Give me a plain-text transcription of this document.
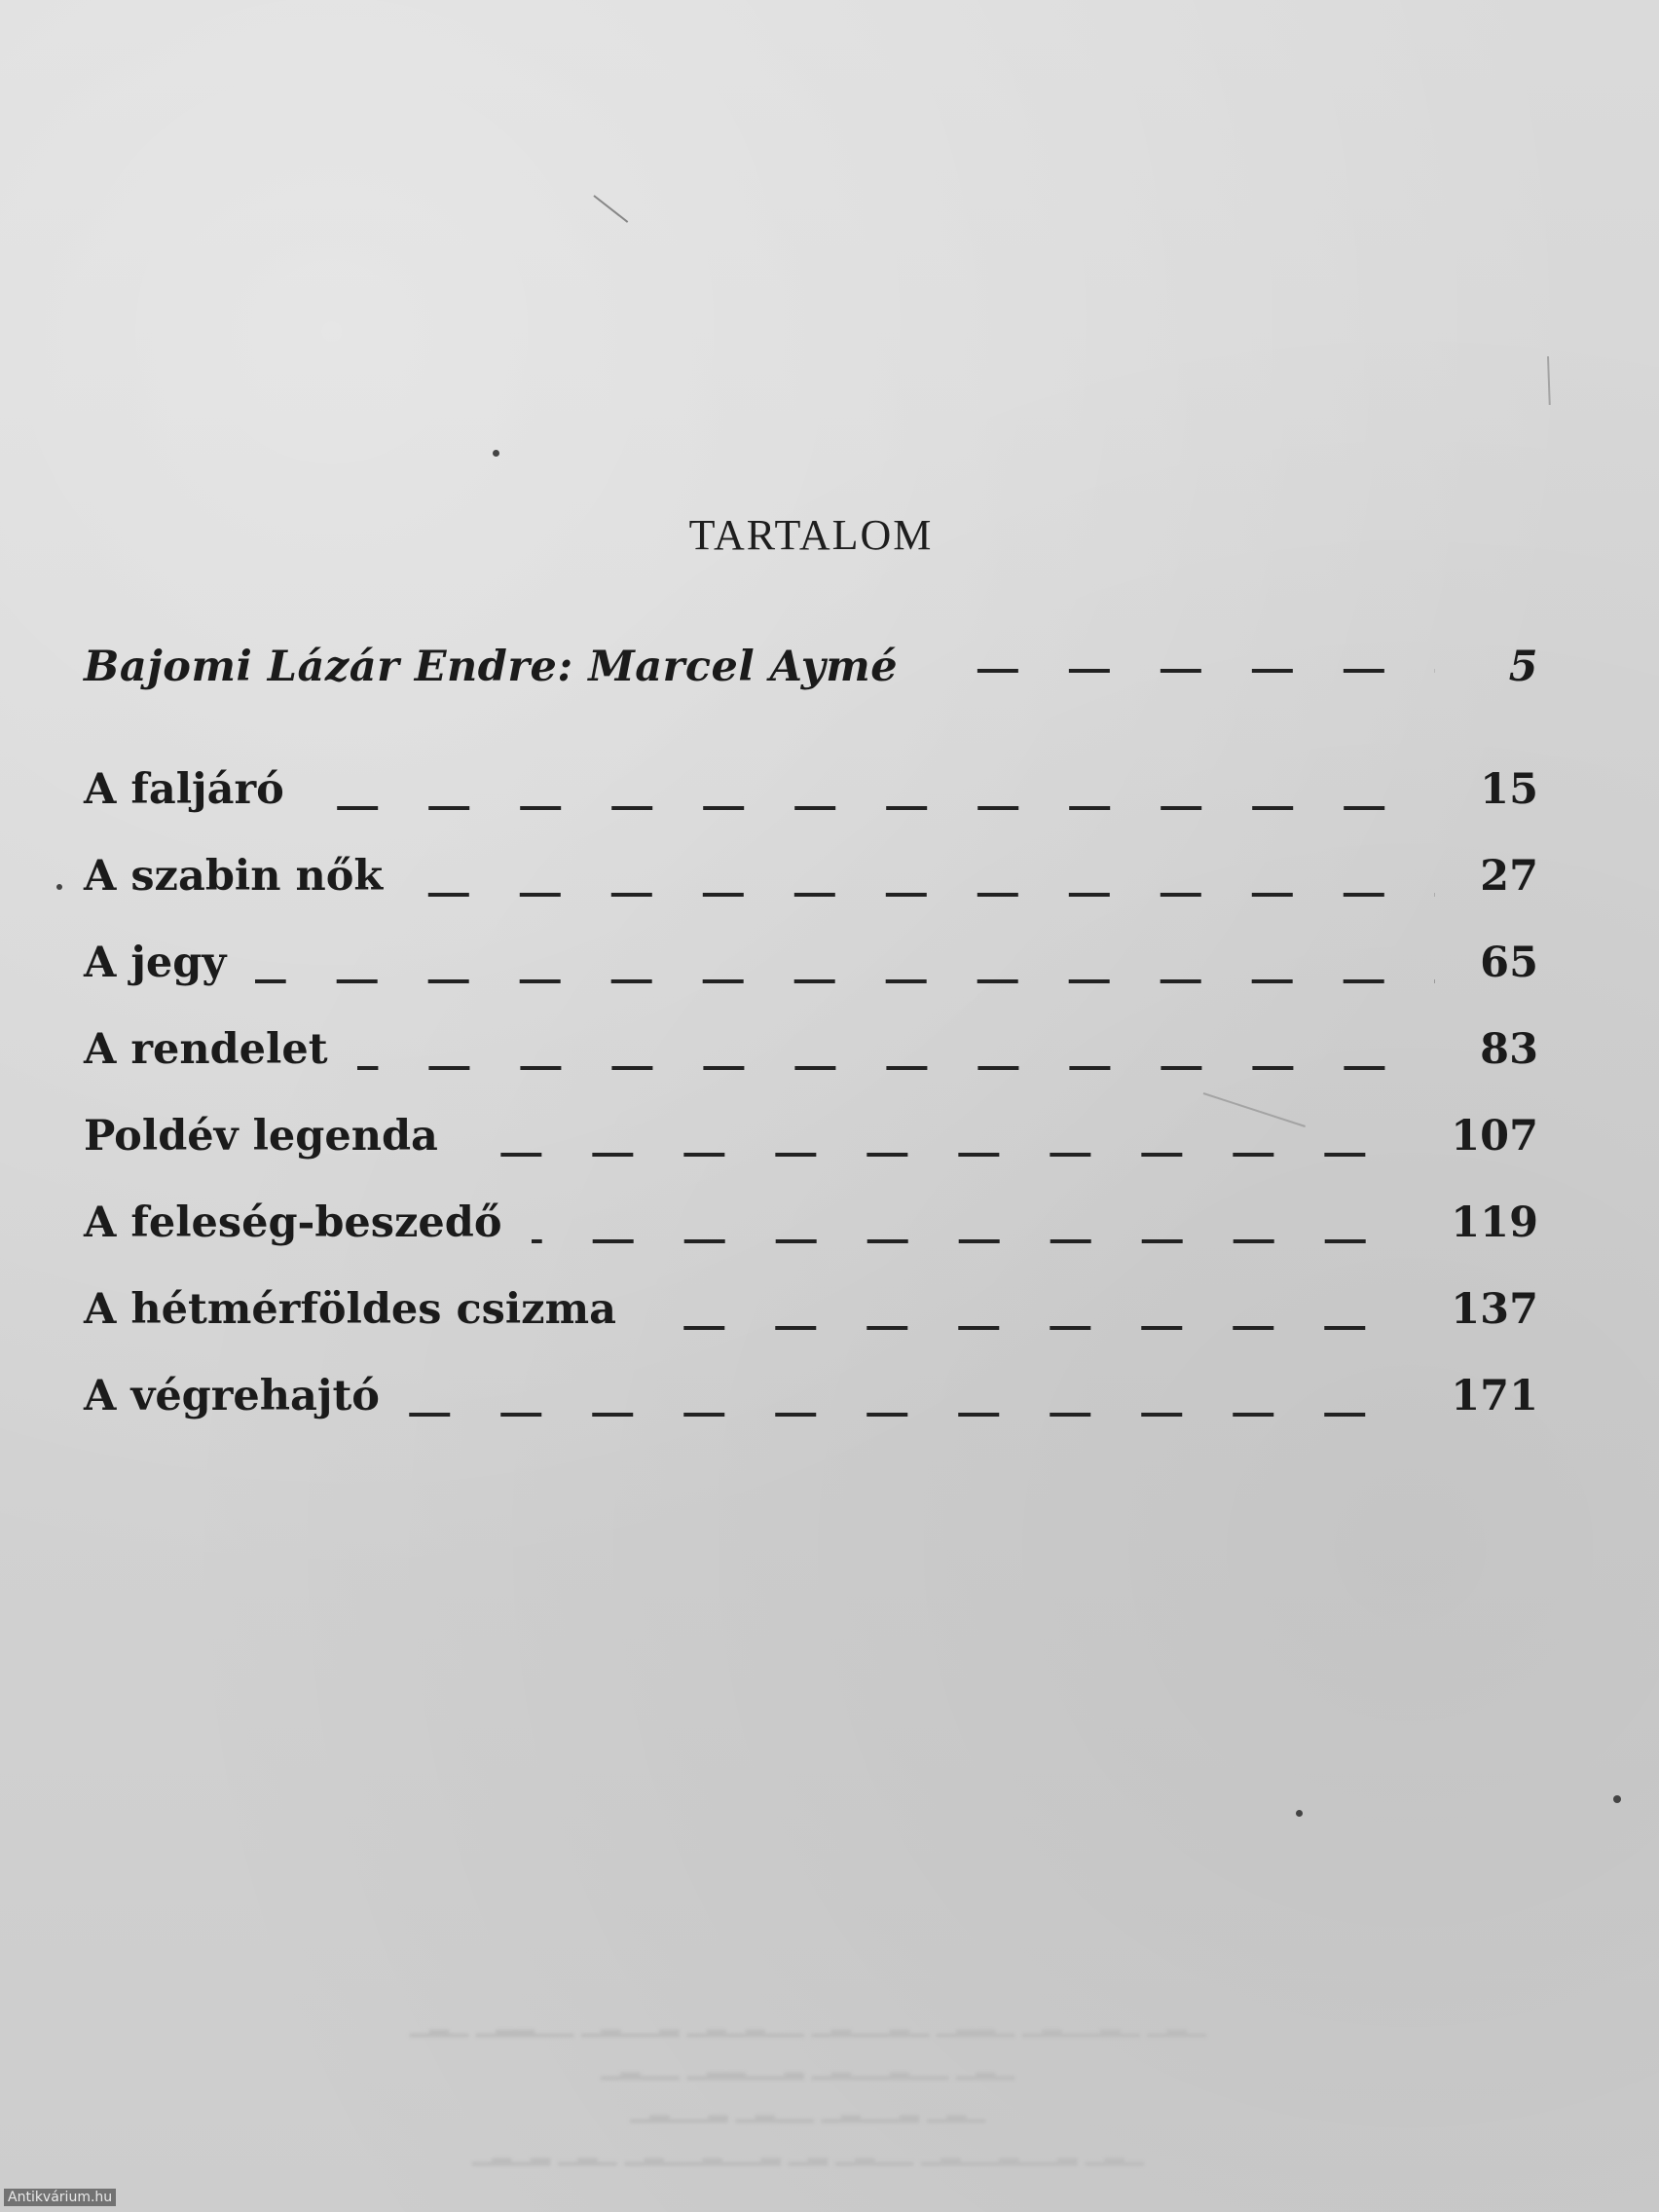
TARTALOM
Bajomi Lázár Endre: Marcel Aymé	5
A faljáró	15
A szabin nők	27
A jegy	65
A rendelet	83
Poldév legenda	107
A feleség-beszedő	119
A hétmérföldes csizma	137
A végrehajtó	171
▁▂▁ ▁▂▂▁▁ ▁▂▁▁▂ ▁▂▁▂▁▁ ▁▂▁▁▂▁ ▁▂▂▁ ▁▂▁▁▂▁ ▁▂▁
▁▂▁▁ ▁▂▂▁▁▂ ▁▂▁▁▂▁▁ ▁▂▁
▁▂▁▁▂ ▁▂▁▁ ▁▂▁▁▂ ▁▂▁
▁▂▁▂ ▁▂▁ ▁▂▁▁▂▁▁▂ ▁▂ ▁▂▁▁ ▁▂▁▁▂▁▁▂ ▁▂▁
Antikvárium.hu
